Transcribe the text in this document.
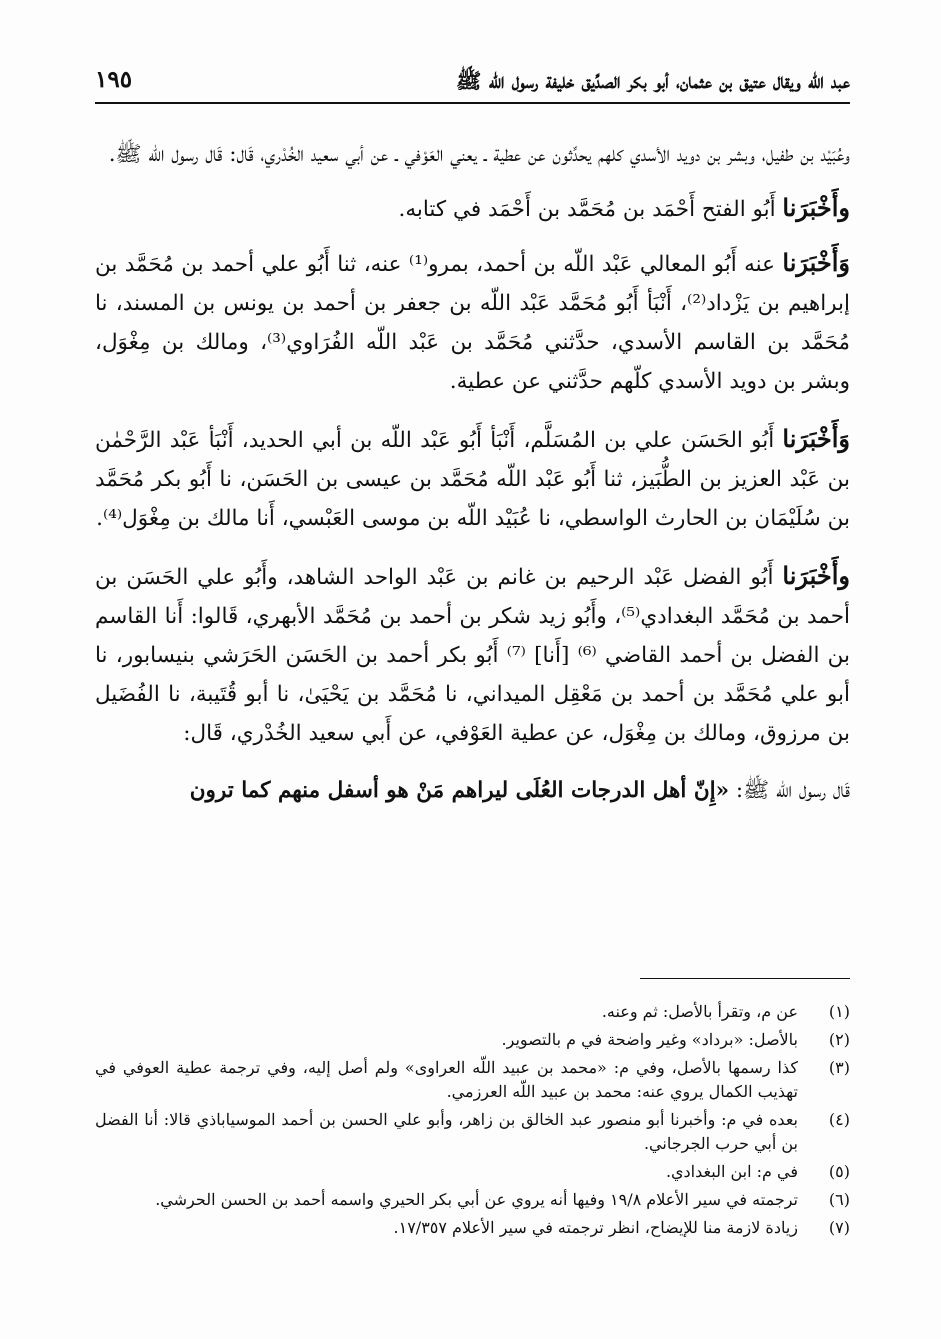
عبد الله ويقال عتيق بن عثمان، أبو بكر الصدِّيق خليفة رسول الله ﷺ
١٩٥

وعُبَيْد بن طفيل، وبشر بن دويد الأسدي كلهم يحدِّثون عن عطية ـ يعني العَوْفي ـ عن أبي سعيد الخُدْري، قَال: قَال رسول الله ﷺ.

وأَخْبَرَنا أَبُو الفتح أَحْمَد بن مُحَمَّد بن أَحْمَد في كتابه.

وَأَخْبَرَنا عنه أَبُو المعالي عَبْد اللّه بن أحمد، بمرو⁽¹⁾ عنه، ثنا أَبُو علي أحمد بن مُحَمَّد بن إبراهيم بن يَزْداد⁽²⁾، أَنْبَأ أَبُو مُحَمَّد عَبْد اللّه بن جعفر بن أحمد بن يونس بن المسند، نا مُحَمَّد بن القاسم الأسدي، حدَّثني مُحَمَّد بن عَبْد اللّه الفُرَاوي⁽³⁾، ومالك بن مِغْوَل، وبشر بن دويد الأسدي كلّهم حدَّثني عن عطية.

وَأَخْبَرَنا أَبُو الحَسَن علي بن المُسَلَّم، أَنْبَأ أَبُو عَبْد اللّه بن أبي الحديد، أَنْبَأ عَبْد الرَّحْمٰن بن عَبْد العزيز بن الطُّبَيز، ثنا أَبُو عَبْد اللّه مُحَمَّد بن عيسى بن الحَسَن، نا أَبُو بكر مُحَمَّد بن سُلَيْمَان بن الحارث الواسطي، نا عُبَيْد اللّه بن موسى العَبْسي، أَنا مالك بن مِغْوَل⁽⁴⁾.

وأَخْبَرَنا أَبُو الفضل عَبْد الرحيم بن غانم بن عَبْد الواحد الشاهد، وأَبُو علي الحَسَن بن أحمد بن مُحَمَّد البغدادي⁽⁵⁾، وأَبُو زيد شكر بن أحمد بن مُحَمَّد الأبهري، قَالوا: أَنا القاسم بن الفضل بن أحمد القاضي ⁽⁶⁾ [أَنا] ⁽⁷⁾ أَبُو بكر أحمد بن الحَسَن الحَرَشي بنيسابور، نا أبو علي مُحَمَّد بن أحمد بن مَعْقِل الميداني، نا مُحَمَّد بن يَحْيَىٰ، نا أبو قُتَيبة، نا الفُضَيل بن مرزوق، ومالك بن مِغْوَل، عن عطية العَوْفي، عن أَبي سعيد الخُدْري، قَال:

قَال رسول الله ﷺ: «إِنّ أهل الدرجات العُلَى ليراهم مَنْ هو أسفل منهم كما ترون

(١)
عن م، وتقرأ بالأصل: ثم وعنه.
(٢)
بالأصل: «برداد» وغير واضحة في م بالتصوير.
(٣)
كذا رسمها بالأصل، وفي م: «محمد بن عبيد اللّه العراوى» ولم أصل إليه، وفي ترجمة عطية العوفي في تهذيب الكمال يروي عنه: محمد بن عبيد اللّه العرزمي.
(٤)
بعده في م: وأخبرنا أبو منصور عبد الخالق بن زاهر، وأبو علي الحسن بن أحمد الموسياباذي قالا: أنا الفضل بن أبي حرب الجرجاني.
(٥)
في م: ابن البغدادي.
(٦)
ترجمته في سير الأعلام ١٩/٨ وفيها أنه يروي عن أبي بكر الحيري واسمه أحمد بن الحسن الحرشي.
(٧)
زيادة لازمة منا للإيضاح، انظر ترجمته في سير الأعلام ١٧/٣٥٧.
